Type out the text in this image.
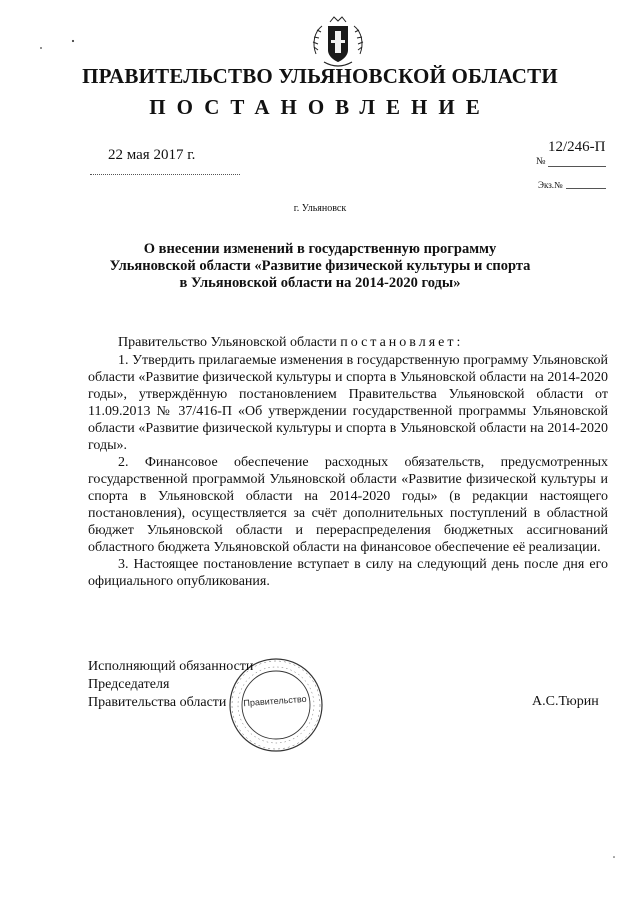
ПРАВИТЕЛЬСТВО УЛЬЯНОВСКОЙ ОБЛАСТИ
ПОСТАНОВЛЕНИЕ
22 мая 2017 г.	12/246-П
№
Экз.№
г. Ульяновск
О внесении изменений в государственную программу
Ульяновской области «Развитие физической культуры и спорта
в Ульяновской области на 2014-2020 годы»

Правительство Ульяновской области постановляет:

1. Утвердить прилагаемые изменения в государственную программу Ульяновской области «Развитие физической культуры и спорта в Ульяновской области на 2014-2020 годы», утверждённую постановлением Правительства Ульяновской области от 11.09.2013 № 37/416-П «Об утверждении государственной программы Ульяновской области «Развитие физической культуры и спорта в Ульяновской области на 2014-2020 годы».

2. Финансовое обеспечение расходных обязательств, предусмотренных государственной программой Ульяновской области «Развитие физической культуры и спорта в Ульяновской области на 2014-2020 годы» (в редакции настоящего постановления), осуществляется за счёт дополнительных поступлений в областной бюджет Ульяновской области и перераспределения бюджетных ассигнований областного бюджета Ульяновской области на финансовое обеспечение её реализации.

3. Настоящее постановление вступает в силу на следующий день после дня его официального опубликования.

Правительство
Исполняющий обязанности
Председателя
Правительства области	А.С.Тюрин
